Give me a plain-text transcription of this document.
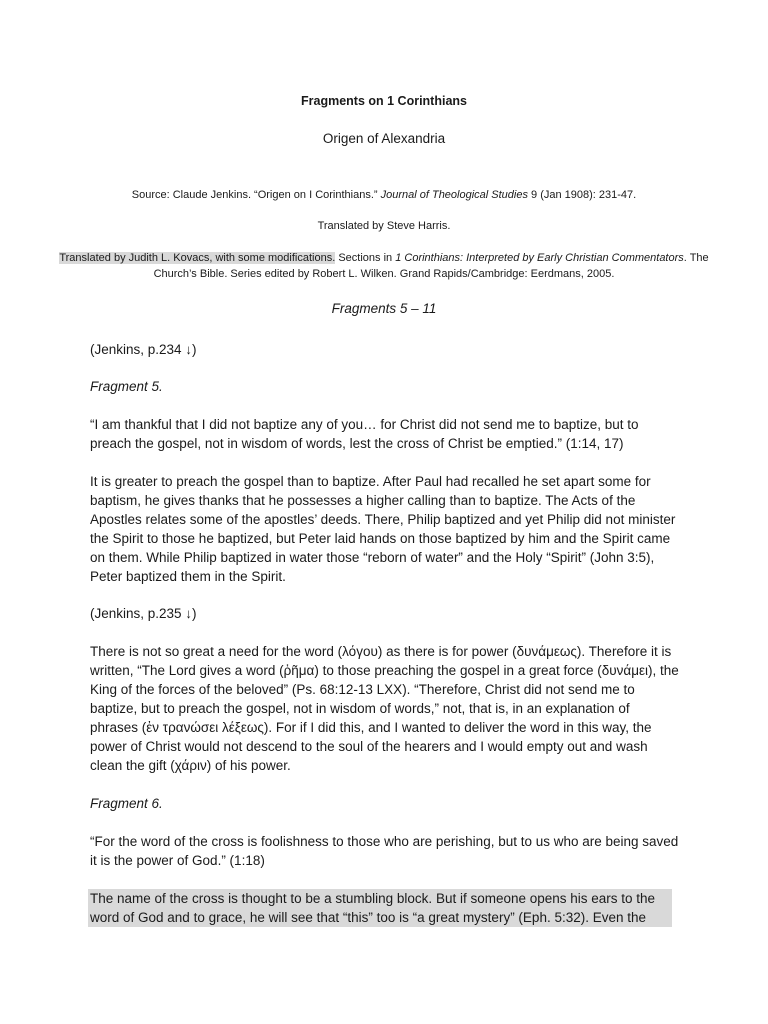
Fragments on 1 Corinthians
Origen of Alexandria
Source: Claude Jenkins. “Origen on I Corinthians.” Journal of Theological Studies 9 (Jan 1908): 231-47.
Translated by Steve Harris.
Translated by Judith L. Kovacs, with some modifications. Sections in 1 Corinthians: Interpreted by Early Christian Commentators. The Church’s Bible. Series edited by Robert L. Wilken. Grand Rapids/Cambridge: Eerdmans, 2005.
Fragments 5 – 11

(Jenkins, p.234 ↓)

Fragment 5.

“I am thankful that I did not baptize any of you… for Christ did not send me to baptize, but to preach the gospel, not in wisdom of words, lest the cross of Christ be emptied.” (1:14, 17)

It is greater to preach the gospel than to baptize. After Paul had recalled he set apart some for baptism, he gives thanks that he possesses a higher calling than to baptize. The Acts of the Apostles relates some of the apostles’ deeds. There, Philip baptized and yet Philip did not minister the Spirit to those he baptized, but Peter laid hands on those baptized by him and the Spirit came on them. While Philip baptized in water those “reborn of water” and the Holy “Spirit” (John 3:5), Peter baptized them in the Spirit.

(Jenkins, p.235 ↓)

There is not so great a need for the word (λόγου) as there is for power (δυνάμεως). Therefore it is written, “The Lord gives a word (ῥῆμα) to those preaching the gospel in a great force (δυνάμει), the King of the forces of the beloved” (Ps. 68:12-13 LXX). “Therefore, Christ did not send me to baptize, but to preach the gospel, not in wisdom of words,” not, that is, in an explanation of phrases (ἐν τρανώσει λέξεως). For if I did this, and I wanted to deliver the word in this way, the power of Christ would not descend to the soul of the hearers and I would empty out and wash clean the gift (χάριν) of his power.

Fragment 6.

“For the word of the cross is foolishness to those who are perishing, but to us who are being saved it is the power of God.” (1:18)

The name of the cross is thought to be a stumbling block. But if someone opens his ears to the word of God and to grace, he will see that “this” too is “a great mystery” (Eph. 5:32). Even the
